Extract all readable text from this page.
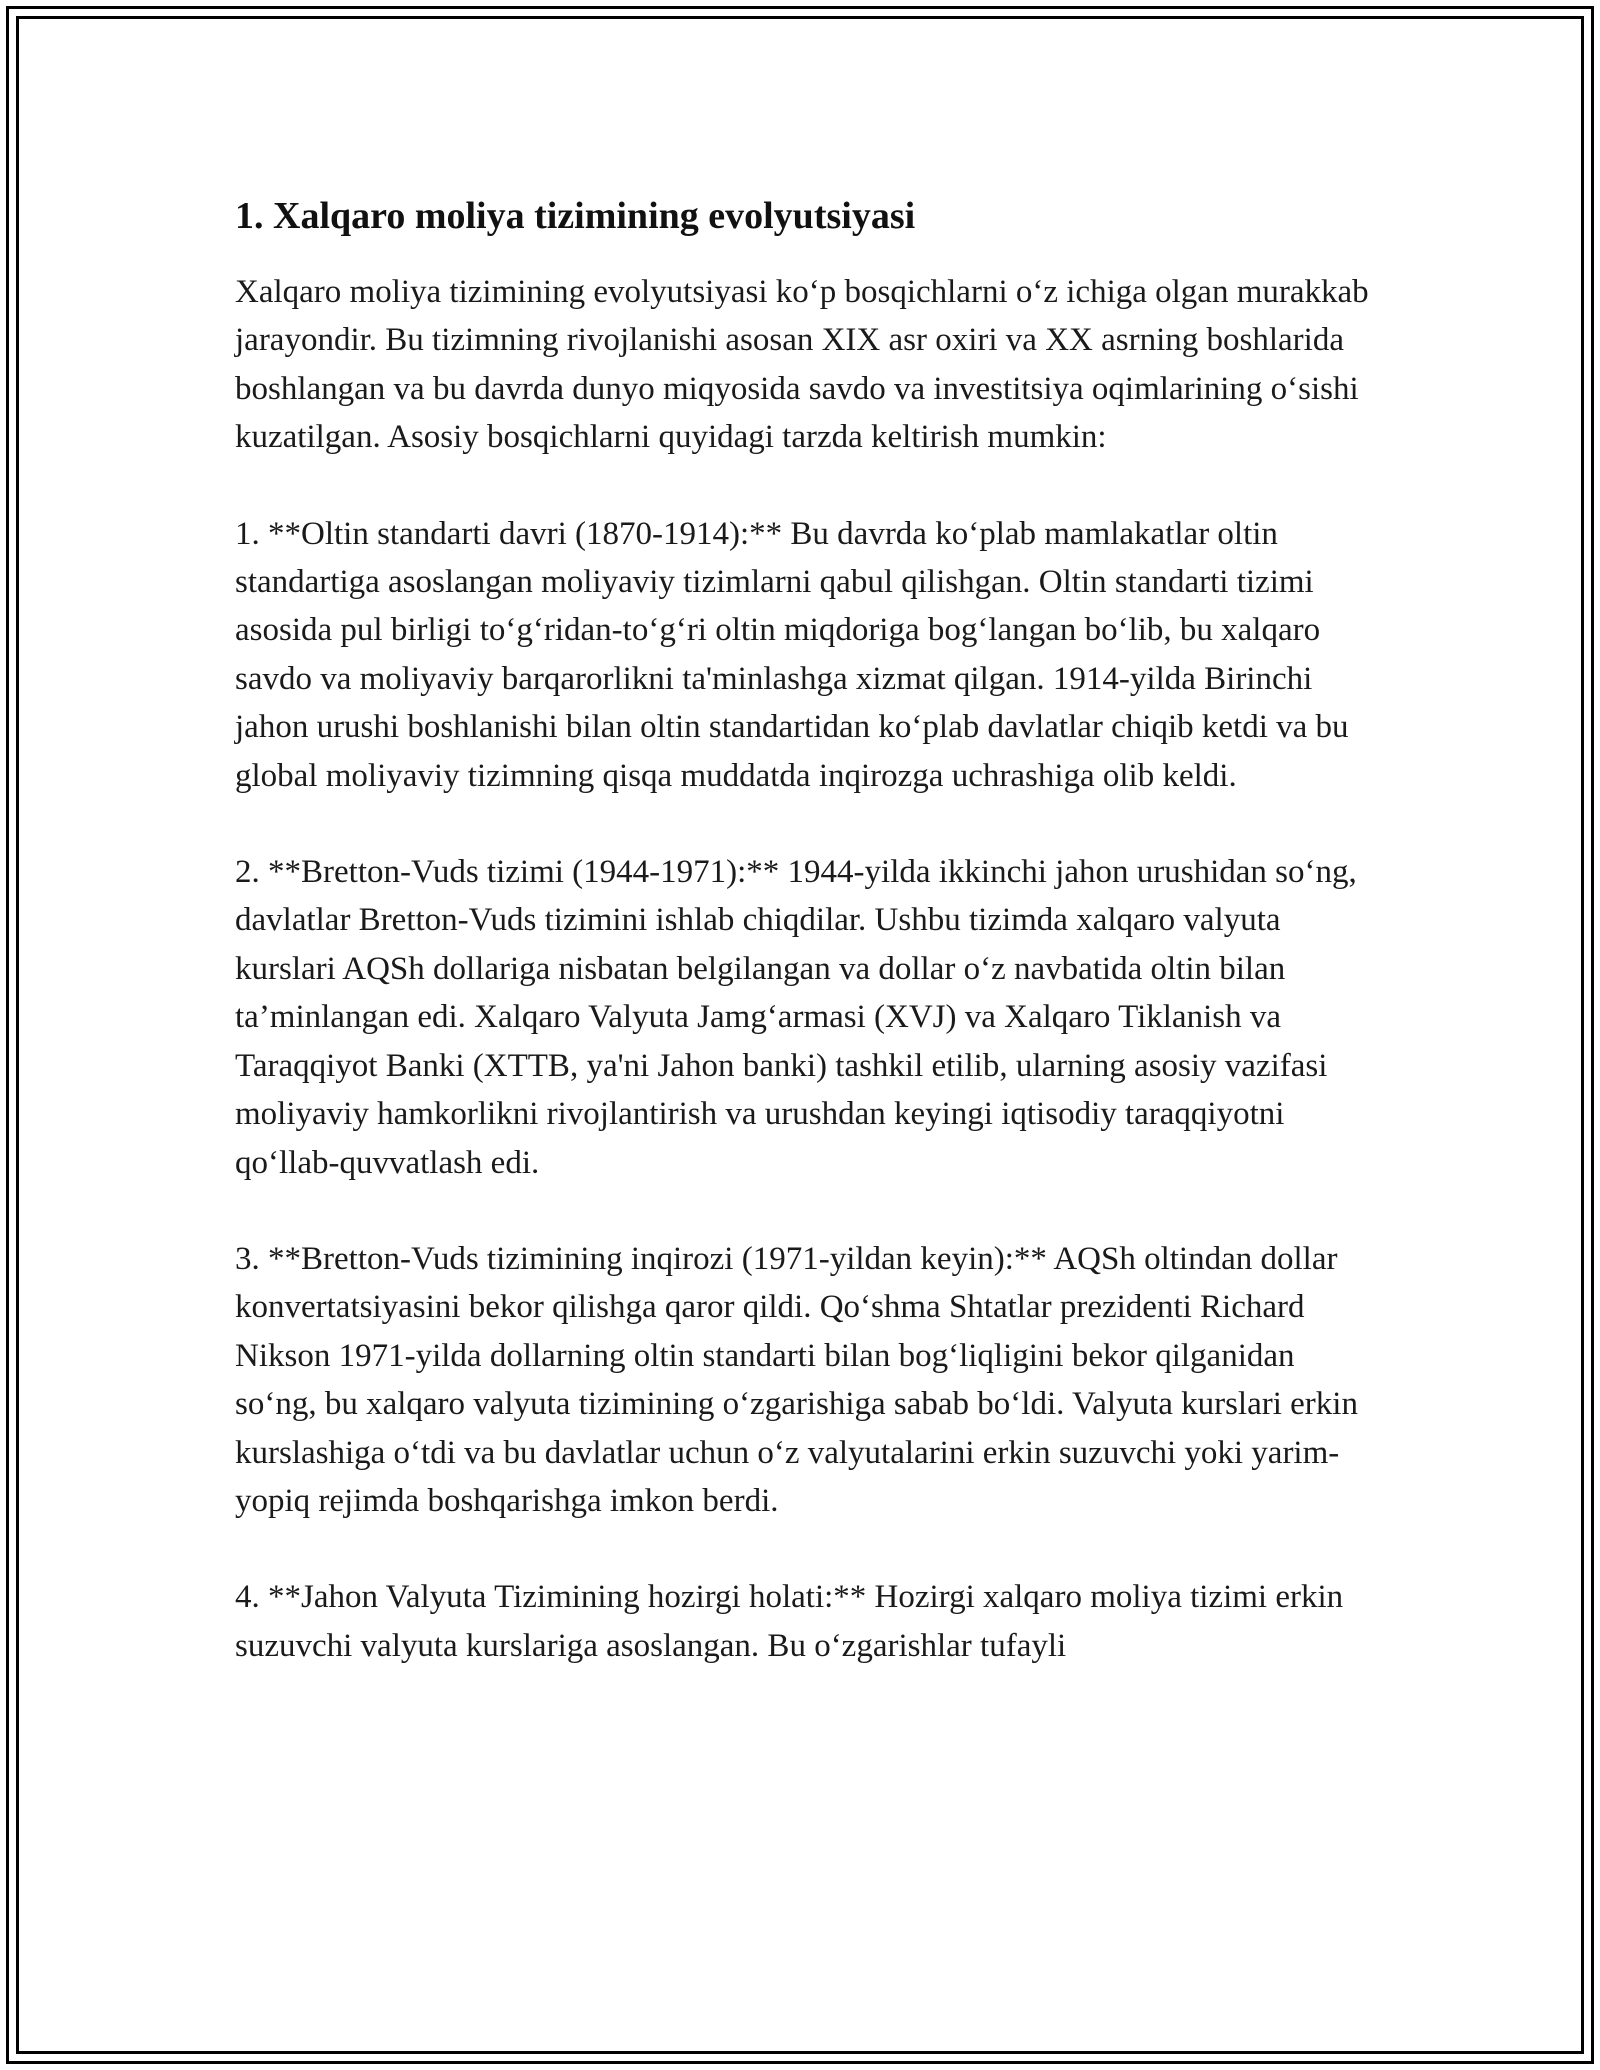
1. Xalqaro moliya tizimining evolyutsiyasi

Xalqaro moliya tizimining evolyutsiyasi ko‘p bosqichlarni o‘z ichiga olgan murakkab jarayondir. Bu tizimning rivojlanishi asosan XIX asr oxiri va XX asrning boshlarida boshlangan va bu davrda dunyo miqyosida savdo va investitsiya oqimlarining o‘sishi kuzatilgan. Asosiy bosqichlarni quyidagi tarzda keltirish mumkin:

1. **Oltin standarti davri (1870-1914):** Bu davrda ko‘plab mamlakatlar oltin standartiga asoslangan moliyaviy tizimlarni qabul qilishgan. Oltin standarti tizimi asosida pul birligi to‘g‘ridan-to‘g‘ri oltin miqdoriga bog‘langan bo‘lib, bu xalqaro savdo va moliyaviy barqarorlikni ta'minlashga xizmat qilgan. 1914-yilda Birinchi jahon urushi boshlanishi bilan oltin standartidan ko‘plab davlatlar chiqib ketdi va bu global moliyaviy tizimning qisqa muddatda inqirozga uchrashiga olib keldi.

2. **Bretton-Vuds tizimi (1944-1971):** 1944-yilda ikkinchi jahon urushidan so‘ng, davlatlar Bretton-Vuds tizimini ishlab chiqdilar. Ushbu tizimda xalqaro valyuta kurslari AQSh dollariga nisbatan belgilangan va dollar o‘z navbatida oltin bilan ta’minlangan edi. Xalqaro Valyuta Jamg‘armasi (XVJ) va Xalqaro Tiklanish va Taraqqiyot Banki (XTTB, ya'ni Jahon banki) tashkil etilib, ularning asosiy vazifasi moliyaviy hamkorlikni rivojlantirish va urushdan keyingi iqtisodiy taraqqiyotni qo‘llab-quvvatlash edi.

3. **Bretton-Vuds tizimining inqirozi (1971-yildan keyin):** AQSh oltindan dollar konvertatsiyasini bekor qilishga qaror qildi. Qo‘shma Shtatlar prezidenti Richard Nikson 1971-yilda dollarning oltin standarti bilan bog‘liqligini bekor qilganidan so‘ng, bu xalqaro valyuta tizimining o‘zgarishiga sabab bo‘ldi. Valyuta kurslari erkin kurslashiga o‘tdi va bu davlatlar uchun o‘z valyutalarini erkin suzuvchi yoki yarim-yopiq rejimda boshqarishga imkon berdi.

4. **Jahon Valyuta Tizimining hozirgi holati:** Hozirgi xalqaro moliya tizimi erkin suzuvchi valyuta kurslariga asoslangan. Bu o‘zgarishlar tufayli
